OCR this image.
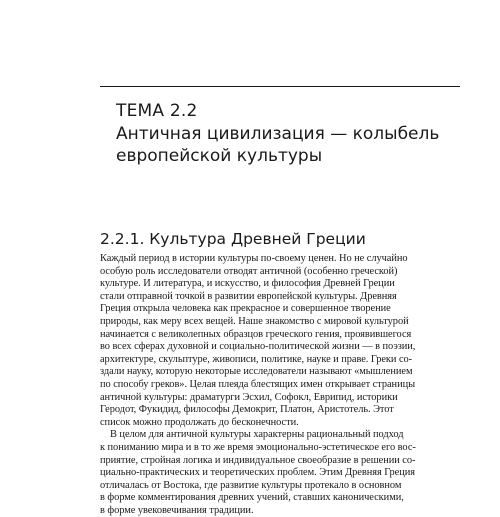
ТЕМА 2.2
Античная цивилизация — колыбель
европейской культуры
2.2.1. Культура Древней Греции
Каждый период в истории культуры по-своему ценен. Но не случайно
особую роль исследователи отводят античной (особенно греческой)
культуре. И литература, и искусство, и философия Древней Греции
стали отправной точкой в развитии европейской культуры. Древняя
Греция открыла человека как прекрасное и совершенное творение
природы, как меру всех вещей. Наше знакомство с мировой культурой
начинается с великолепных образцов греческого гения, проявившегося
во всех сферах духовной и социально-политической жизни — в поэзии,
архитектуре, скульптуре, живописи, политике, науке и праве. Греки со-
здали науку, которую некоторые исследователи называют «мышлением
по способу греков». Целая плеяда блестящих имен открывает страницы
античной культуры: драматурги Эсхил, Софокл, Еврипид, историки
Геродот, Фукидид, философы Демокрит, Платон, Аристотель. Этот
список можно продолжать до бесконечности.
В целом для античной культуры характерны рациональный подход
к пониманию мира и в то же время эмоционально-эстетическое его вос-
приятие, стройная логика и индивидуальное своеобразие в решении со-
циально-практических и теоретических проблем. Этим Древняя Греция
отличалась от Востока, где развитие культуры протекало в основном
в форме комментирования древних учений, ставших каноническими,
в форме увековечивания традиции.
